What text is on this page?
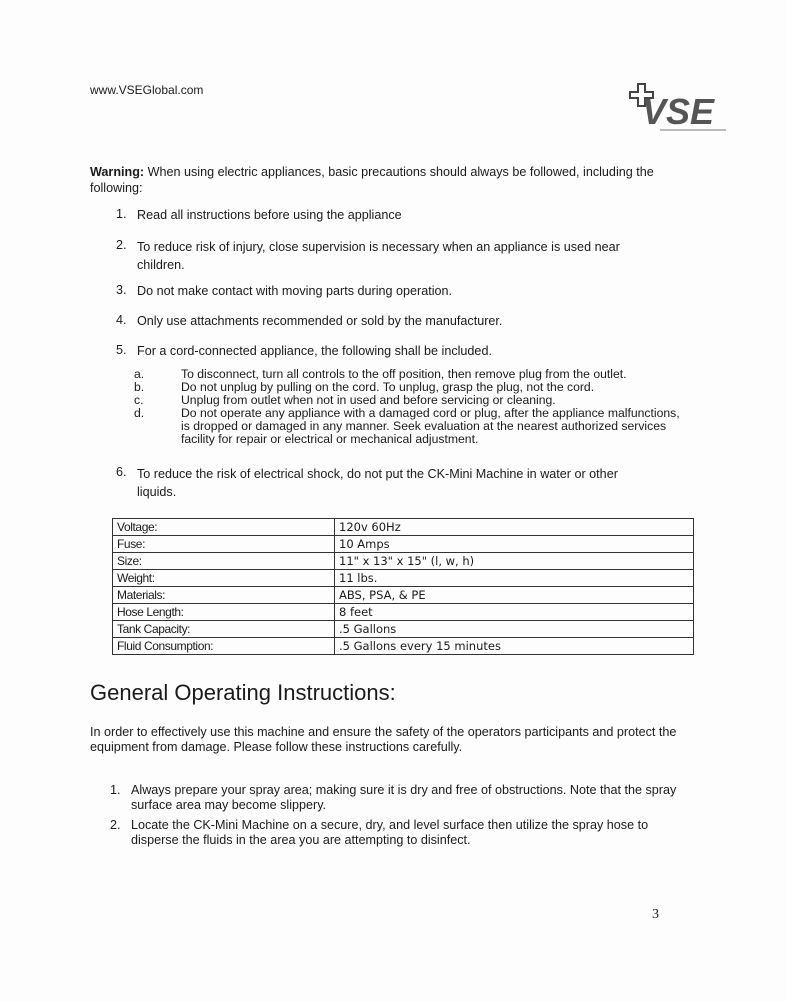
www.VSEGlobal.com
VSE
Warning: When using electric appliances, basic precautions should always be followed, including the following:
1. Read all instructions before using the appliance
2. To reduce risk of injury, close supervision is necessary when an appliance is used near children.
3. Do not make contact with moving parts during operation.
4. Only use attachments recommended or sold by the manufacturer.
5. For a cord-connected appliance, the following shall be included.
a.	To disconnect, turn all controls to the off position, then remove plug from the outlet.
b.	Do not unplug by pulling on the cord. To unplug, grasp the plug, not the cord.
c.	Unplug from outlet when not in used and before servicing or cleaning.
d.	Do not operate any appliance with a damaged cord or plug, after the appliance malfunctions, is dropped or damaged in any manner. Seek evaluation at the nearest authorized services facility for repair or electrical or mechanical adjustment.
6. To reduce the risk of electrical shock, do not put the CK-Mini Machine in water or other liquids.
Voltage:	120v 60Hz
Fuse:	10 Amps
Size:	11" x 13" x 15" (l, w, h)
Weight:	11 lbs.
Materials:	ABS, PSA, & PE
Hose Length:	8 feet
Tank Capacity:	.5 Gallons
Fluid Consumption:	.5 Gallons every 15 minutes
General Operating Instructions:
In order to effectively use this machine and ensure the safety of the operators participants and protect the equipment from damage. Please follow these instructions carefully.
1. Always prepare your spray area; making sure it is dry and free of obstructions. Note that the spray surface area may become slippery.
2. Locate the CK-Mini Machine on a secure, dry, and level surface then utilize the spray hose to disperse the fluids in the area you are attempting to disinfect.
3
